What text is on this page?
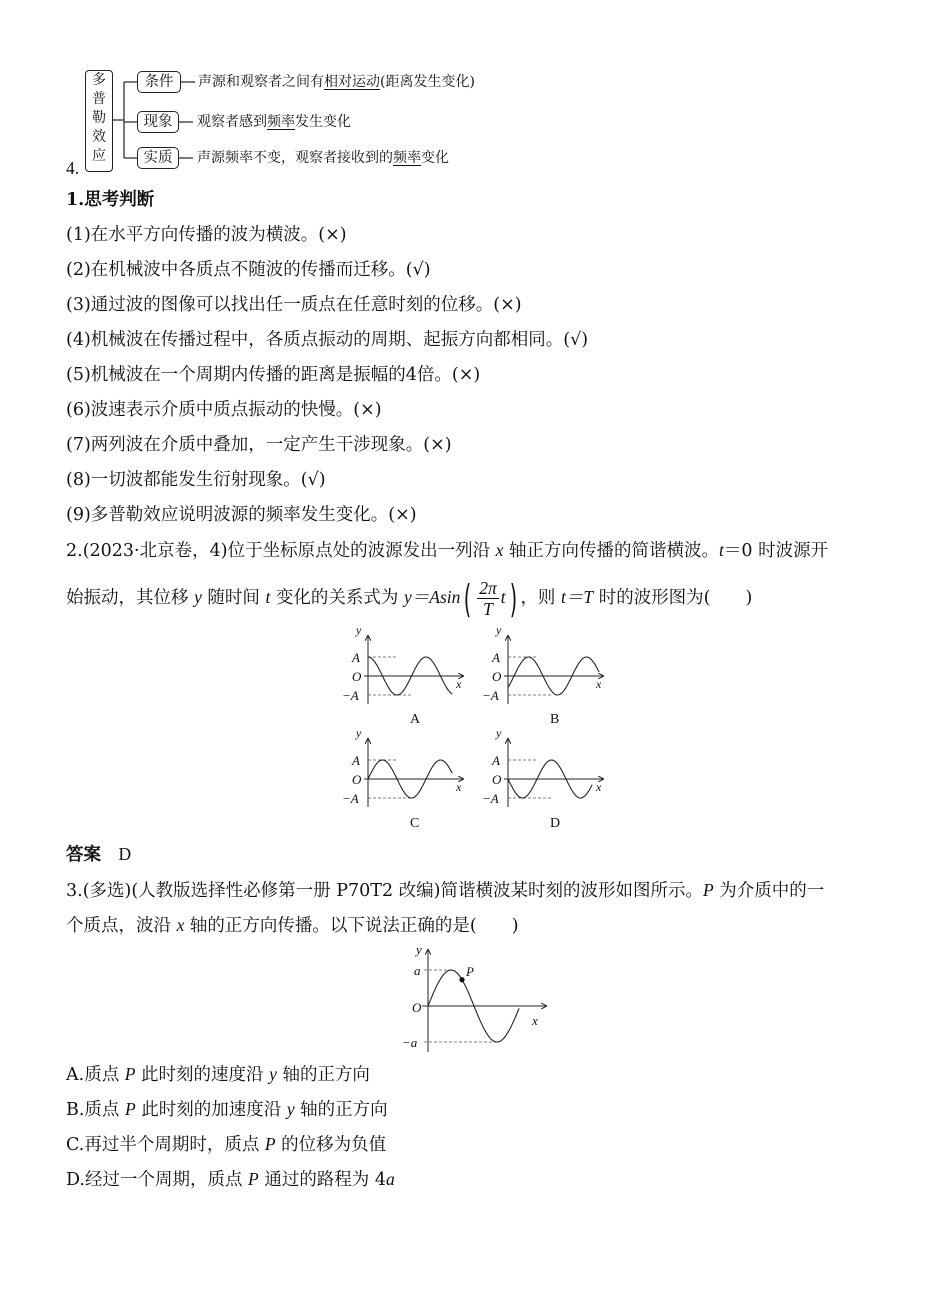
多
普
勒
效
应
条件
现象
实质
声源和观察者之间有相对运动(距离发生变化)
观察者感到频率发生变化
声源频率不变，观察者接收到的频率变化
4.
1.思考判断
(1)在水平方向传播的波为横波。(×)
(2)在机械波中各质点不随波的传播而迁移。(√)
(3)通过波的图像可以找出任一质点在任意时刻的位移。(×)
(4)机械波在传播过程中，各质点振动的周期、起振方向都相同。(√)
(5)机械波在一个周期内传播的距离是振幅的4倍。(×)
(6)波速表示介质中质点振动的快慢。(×)
(7)两列波在介质中叠加，一定产生干涉现象。(×)
(8)一切波都能发生衍射现象。(√)
(9)多普勒效应说明波源的频率发生变化。(×)
2.(2023·北京卷，4)位于坐标原点处的波源发出一列沿 x 轴正方向传播的简谐横波。t＝0 时波源开
始振动，其位移 y 随时间 t 变化的关系式为 $y=Asin( \frac{2\pi}{T} t)$ ，则 t＝T 时的波形图为(　　)
y
x
A
O
−A
y
x
A
O
−A
y
x
A
O
−A
y
x
A
O
−A
A	B
C	D
答案　 D
3.(多选)(人教版选择性必修第一册 P70T2 改编)简谐横波某时刻的波形如图所示。P 为介质中的一
个质点，波沿 x 轴的正方向传播。以下说法正确的是(　　)
y
x
a
O
−a
P
A.质点 P 此时刻的速度沿 y 轴的正方向
B.质点 P 此时刻的加速度沿 y 轴的正方向
C.再过半个周期时，质点 P 的位移为负值
D.经过一个周期，质点 P 通过的路程为 4a
